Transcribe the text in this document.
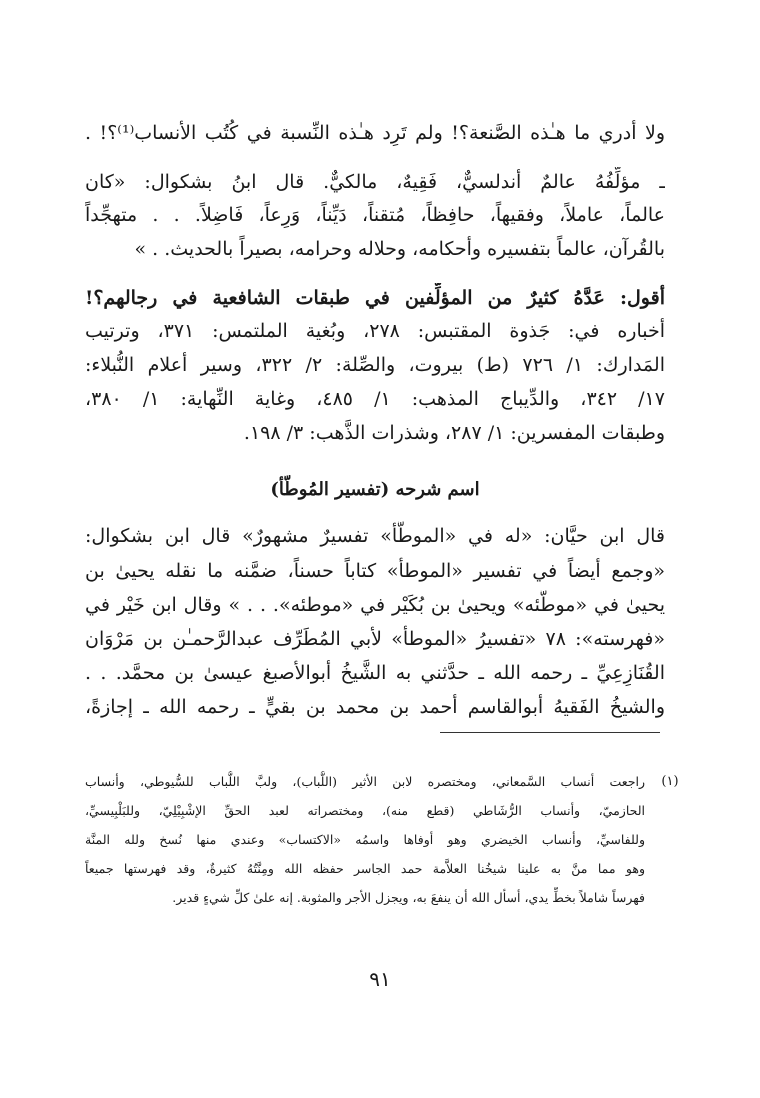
ولا أدري ما هـٰذه الصَّنعة؟! ولم تَرِد هـٰذه النِّسبة في كُتُب الأنساب⁽¹⁾؟! .
ـ مؤلِّفُهُ عالمٌ أندلسيٌّ، فَقِيهٌ، مالكيٌّ. قال ابنُ بشكوال: «كان
عالماً، عاملاً، وفقيهاً، حافِظاً، مُتقناً، دَيِّناً، وَرِعاً، فَاضِلاً. . . متهجِّداً
بالقُرآن، عالماً بتفسيره وأحكامه، وحلاله وحرامه، بصيراً بالحديث. . »
أقول: عَدَّهُ كثيرٌ من المؤلِّفين في طبقات الشافعية في رجالهم؟!
أخباره في: جَذوة المقتبس: ٢٧٨، وبُغية الملتمس: ٣٧١، وترتيب
المَدارك: ١/ ٧٢٦ (ط) بيروت، والصِّلة: ٢/ ٣٢٢، وسير أعلام النُّبلاء:
١٧/ ٣٤٢، والدِّيباج المذهب: ١/ ٤٨٥، وغاية النِّهاية: ١/ ٣٨٠،
وطبقات المفسرين: ١/ ٢٨٧، وشذرات الذَّهب: ٣/ ١٩٨.
اسم شرحه (تفسير المُوطَّأ)
قال ابن حيَّان: «له في «الموطَّأ» تفسيرٌ مشهورٌ» قال ابن بشكوال:
«وجمع أيضاً في تفسير «الموطأ» كتاباً حسناً، ضمَّنه ما نقله يحيىٰ بن
يحيىٰ في «موطَّئه» ويحيىٰ بن بُكَيْر في «موطئه». . . » وقال ابن خَيْر في
«فهرسته»: ٧٨ «تفسيرُ «الموطأ» لأبي المُطَرِّف عبدالرَّحمـٰن بن مَرْوَان
القُنَازِعِيِّ ـ رحمه الله ـ حدَّثني به الشَّيخُ أبوالأصبغ عيسىٰ بن محمَّد. . .
والشيخُ الفَقيهُ أبوالقاسم أحمد بن محمد بن بقيٍّ ـ رحمه الله ـ إجازةً،
(١)
راجعت أنساب السَّمعاني، ومختصره لابن الأثير (اللُّباب)، ولبَّ اللُّباب للسُّيوطي، وأنساب
الحازميّ، وأنساب الرُّشَاطي (قطع منه)، ومختصراته لعبد الحقِّ الإشْبِيْلِيّ، وللبَلْبِيسيِّ،
وللفاسيِّ، وأنساب الخيضري وهو أوفاها واسمُه «الاكتساب» وعندي منها نُسخ ولله المنَّة
وهو مما منَّ به علينا شيخُنا العلاَّمة حمد الجاسر حفظه الله ومِنَّتُهُ كثيرةٌ، وقد فهرستها جميعاً
فهرساً شاملاً بخطِّ يدي، أسأل الله أن ينفعَ به، ويجزل الأجر والمثوبة. إنه علىٰ كلِّ شيءٍ قدير.
٩١
